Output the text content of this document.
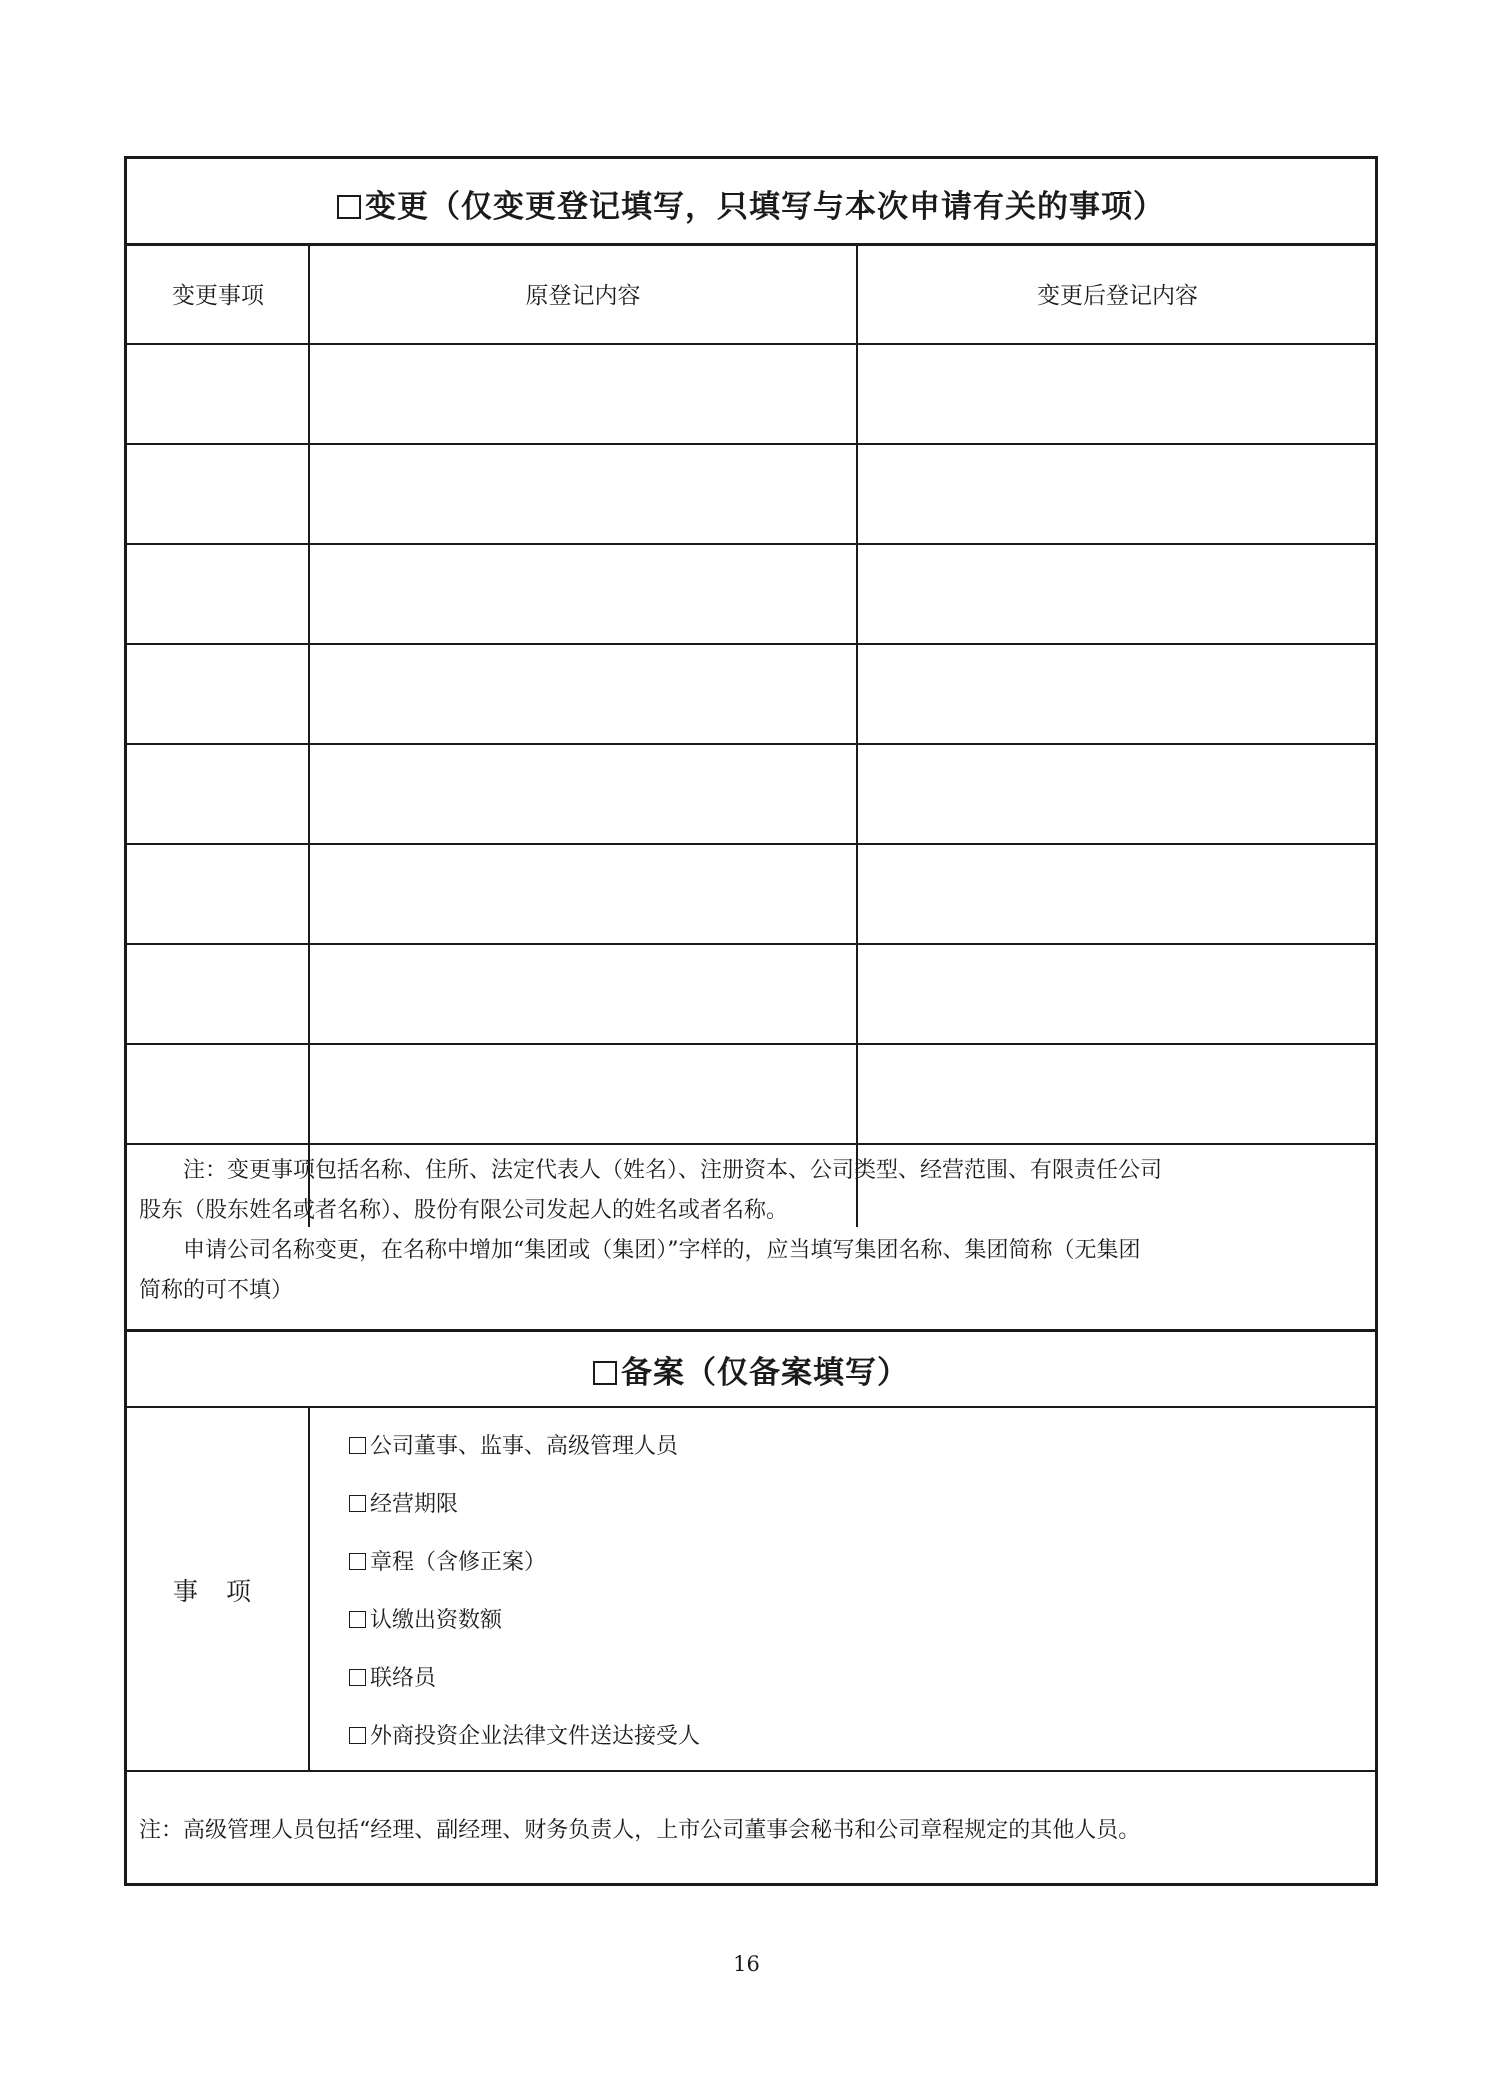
变更（仅变更登记填写，只填写与本次申请有关的事项）
变更事项	原登记内容	变更后登记内容
注：变更事项包括名称、住所、法定代表人（姓名）、注册资本、公司类型、经营范围、有限责任公司
股东（股东姓名或者名称）、股份有限公司发起人的姓名或者名称。
申请公司名称变更，在名称中增加“集团或（集团）”字样的，应当填写集团名称、集团简称（无集团
简称的可不填）
备案（仅备案填写）
事项
公司董事、监事、高级管理人员
经营期限
章程（含修正案）
认缴出资数额
联络员
外商投资企业法律文件送达接受人
注：高级管理人员包括“经理、副经理、财务负责人，上市公司董事会秘书和公司章程规定的其他人员。
16
